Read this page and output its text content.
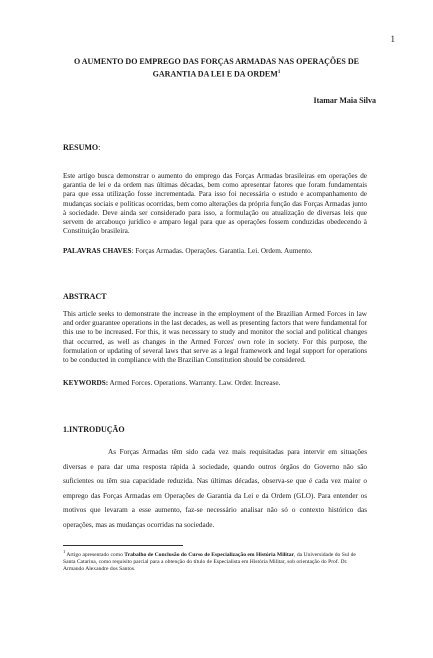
1
O AUMENTO DO EMPREGO DAS FORÇAS ARMADAS NAS OPERAÇÕES DE
GARANTIA DA LEI E DA ORDEM$^1$
Itamar Maia Silva
RESUMO:
Este artigo busca demonstrar o aumento do emprego das Forças Armadas brasileiras em operações de garantia de lei e da ordem nas últimas décadas, bem como apresentar fatores que foram fundamentais para que essa utilização fosse incrementada. Para isso foi necessária o estudo e acompanhamento de mudanças sociais e políticas ocorridas, bem como alterações da própria função das Forças Armadas junto à sociedade. Deve ainda ser considerado para isso, a formulação ou atualização de diversas leis que servem de arcabouço jurídico e amparo legal para que as operações fossem conduzidas obedecendo à Constituição brasileira.
PALAVRAS CHAVES: Forças Armadas. Operações. Garantia. Lei. Ordem. Aumento.
ABSTRACT
This article seeks to demonstrate the increase in the employment of the Brazilian Armed Forces in law and order guarantee operations in the last decades, as well as presenting factors that were fundamental for this use to be increased. For this, it was necessary to study and monitor the social and political changes that occurred, as well as changes in the Armed Forces' own role in society. For this purpose, the formulation or updating of several laws that serve as a legal framework and legal support for operations to be conducted in compliance with the Brazilian Constitution should be considered.
KEYWORDS: Armed Forces. Operations. Warranty. Law. Order. Increase.
1.INTRODUÇÃO
As Forças Armadas têm sido cada vez mais requisitadas para intervir em situações diversas e para dar uma resposta rápida à sociedade, quando outros órgãos do Governo não são suficientes ou têm sua capacidade reduzida. Nas últimas décadas, observa-se que é cada vez maior o emprego das Forças Armadas em Operações de Garantia da Lei e da Ordem (GLO). Para entender os motivos que levaram a esse aumento, faz-se necessário analisar não só o contexto histórico das operações, mas as mudanças ocorridas na sociedade.
$^1$ Artigo apresentado como Trabalho de Conclusão do Curso de Especialização em História Militar, da Universidade do Sul de Santa Catarina, como requisito parcial para a obtenção do título de Especialista em História Militar, sob orientação do Prof. Dr. Armando Alexandre dos Santos.
